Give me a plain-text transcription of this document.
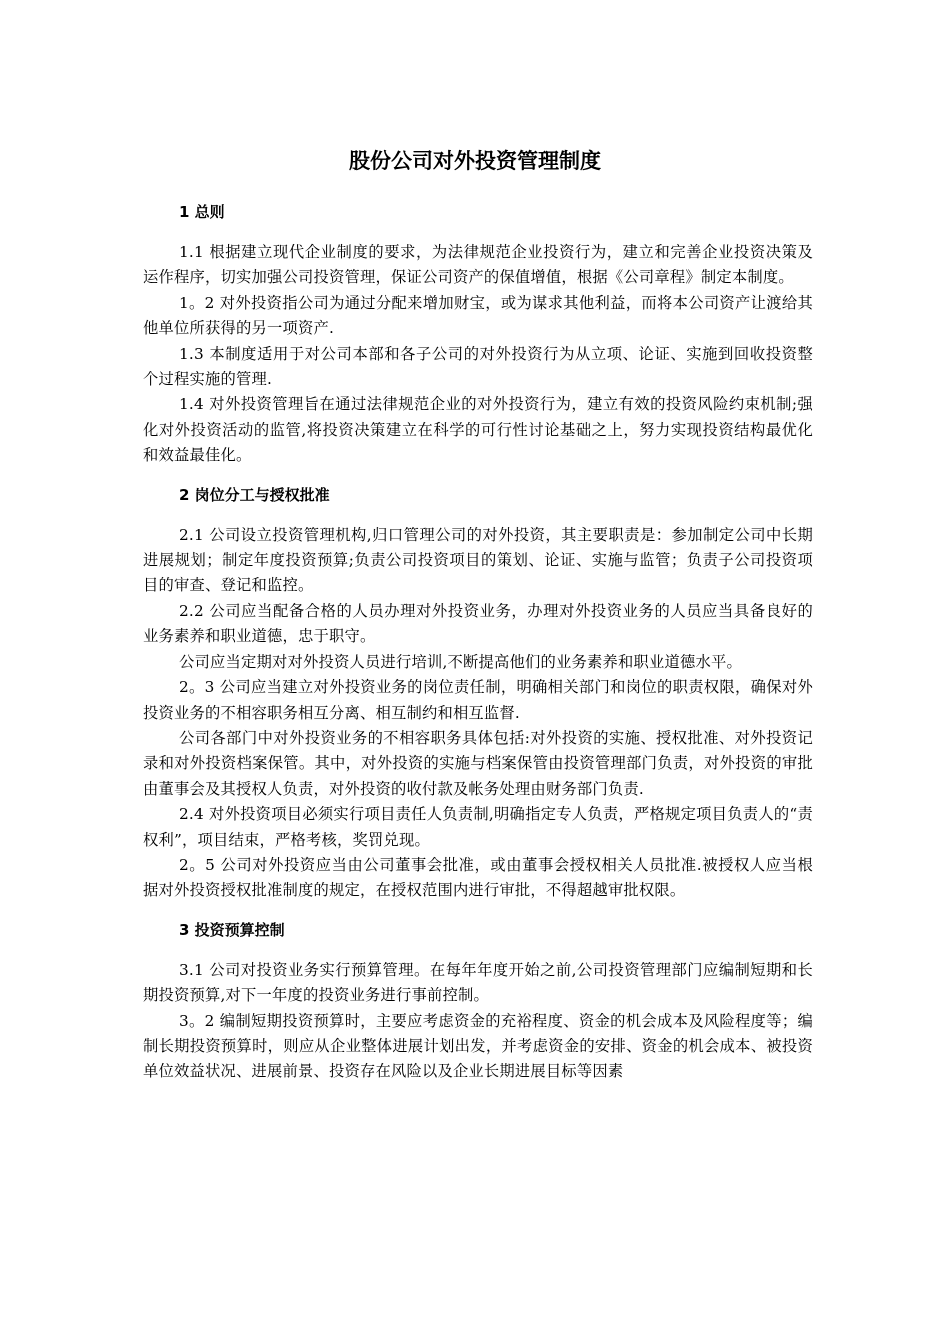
股份公司对外投资管理制度
1 总则

1.1 根据建立现代企业制度的要求，为法律规范企业投资行为，建立和完善企业投资决策及运作程序，切实加强公司投资管理，保证公司资产的保值增值，根据《公司章程》制定本制度。

1。2 对外投资指公司为通过分配来增加财宝，或为谋求其他利益，而将本公司资产让渡给其他单位所获得的另一项资产.

1.3 本制度适用于对公司本部和各子公司的对外投资行为从立项、论证、实施到回收投资整个过程实施的管理.

1.4 对外投资管理旨在通过法律规范企业的对外投资行为，建立有效的投资风险约束机制;强化对外投资活动的监管,将投资决策建立在科学的可行性讨论基础之上，努力实现投资结构最优化和效益最佳化。

2 岗位分工与授权批准

2.1 公司设立投资管理机构,归口管理公司的对外投资，其主要职责是：参加制定公司中长期进展规划；制定年度投资预算;负责公司投资项目的策划、论证、实施与监管；负责子公司投资项目的审查、登记和监控。

2.2 公司应当配备合格的人员办理对外投资业务，办理对外投资业务的人员应当具备良好的业务素养和职业道德，忠于职守。

公司应当定期对对外投资人员进行培训,不断提高他们的业务素养和职业道德水平。

2。3 公司应当建立对外投资业务的岗位责任制，明确相关部门和岗位的职责权限，确保对外投资业务的不相容职务相互分离、相互制约和相互监督.

公司各部门中对外投资业务的不相容职务具体包括:对外投资的实施、授权批准、对外投资记录和对外投资档案保管。其中，对外投资的实施与档案保管由投资管理部门负责，对外投资的审批由董事会及其授权人负责，对外投资的收付款及帐务处理由财务部门负责.

2.4 对外投资项目必须实行项目责任人负责制,明确指定专人负责，严格规定项目负责人的“责权利”，项目结束，严格考核，奖罚兑现。

2。5 公司对外投资应当由公司董事会批准，或由董事会授权相关人员批准.被授权人应当根据对外投资授权批准制度的规定，在授权范围内进行审批，不得超越审批权限。

3 投资预算控制

3.1 公司对投资业务实行预算管理。在每年年度开始之前,公司投资管理部门应编制短期和长期投资预算,对下一年度的投资业务进行事前控制。

3。2 编制短期投资预算时，主要应考虑资金的充裕程度、资金的机会成本及风险程度等；编制长期投资预算时，则应从企业整体进展计划出发，并考虑资金的安排、资金的机会成本、被投资单位效益状况、进展前景、投资存在风险以及企业长期进展目标等因素
